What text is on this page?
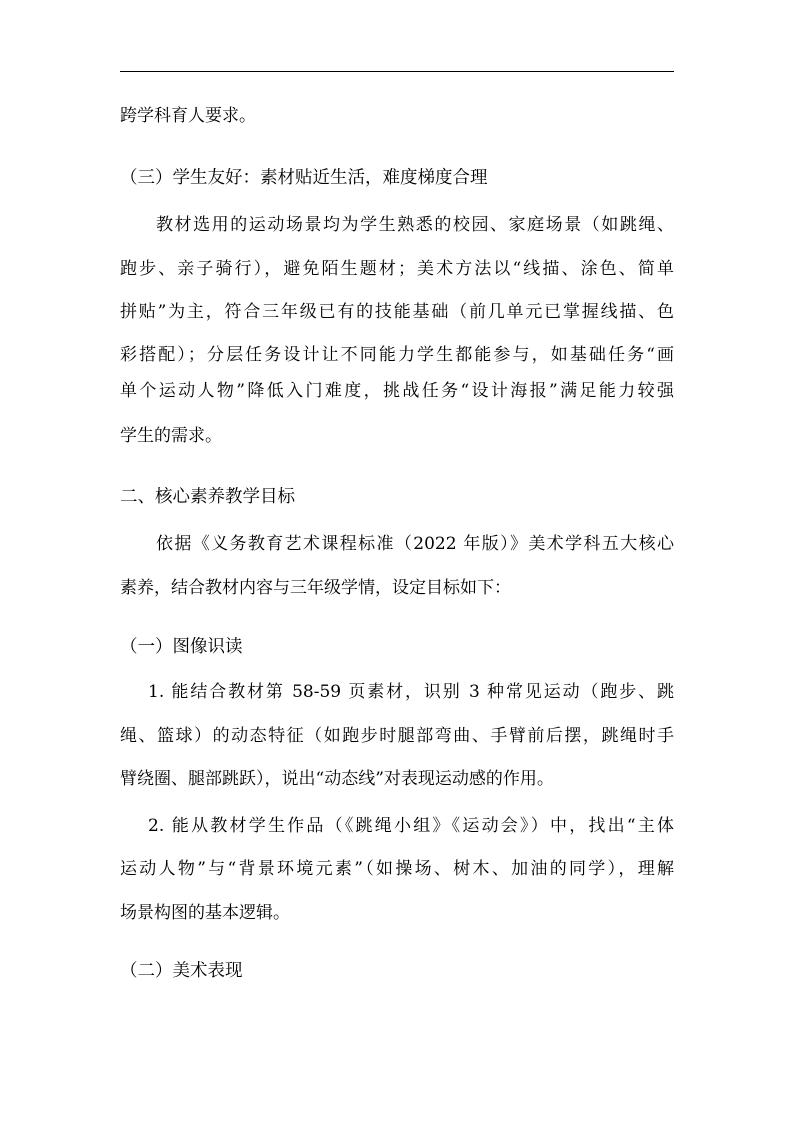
跨学科育人要求。
（三）学生友好：素材贴近生活，难度梯度合理
教材选用的运动场景均为学生熟悉的校园、家庭场景（如跳绳、
跑步、亲子骑行），避免陌生题材；美术方法以“线描、涂色、简单
拼贴”为主，符合三年级已有的技能基础（前几单元已掌握线描、色
彩搭配）；分层任务设计让不同能力学生都能参与，如基础任务“画
单个运动人物”降低入门难度，挑战任务“设计海报”满足能力较强
学生的需求。
二、核心素养教学目标
依据《义务教育艺术课程标准（2022 年版）》美术学科五大核心
素养，结合教材内容与三年级学情，设定目标如下：
（一）图像识读
1. 能结合教材第 58-59 页素材，识别 3 种常见运动（跑步、跳
绳、篮球）的动态特征（如跑步时腿部弯曲、手臂前后摆，跳绳时手
臂绕圈、腿部跳跃），说出“动态线”对表现运动感的作用。
2. 能从教材学生作品（《跳绳小组》《运动会》）中，找出“主体
运动人物”与“背景环境元素”（如操场、树木、加油的同学），理解
场景构图的基本逻辑。
（二）美术表现
